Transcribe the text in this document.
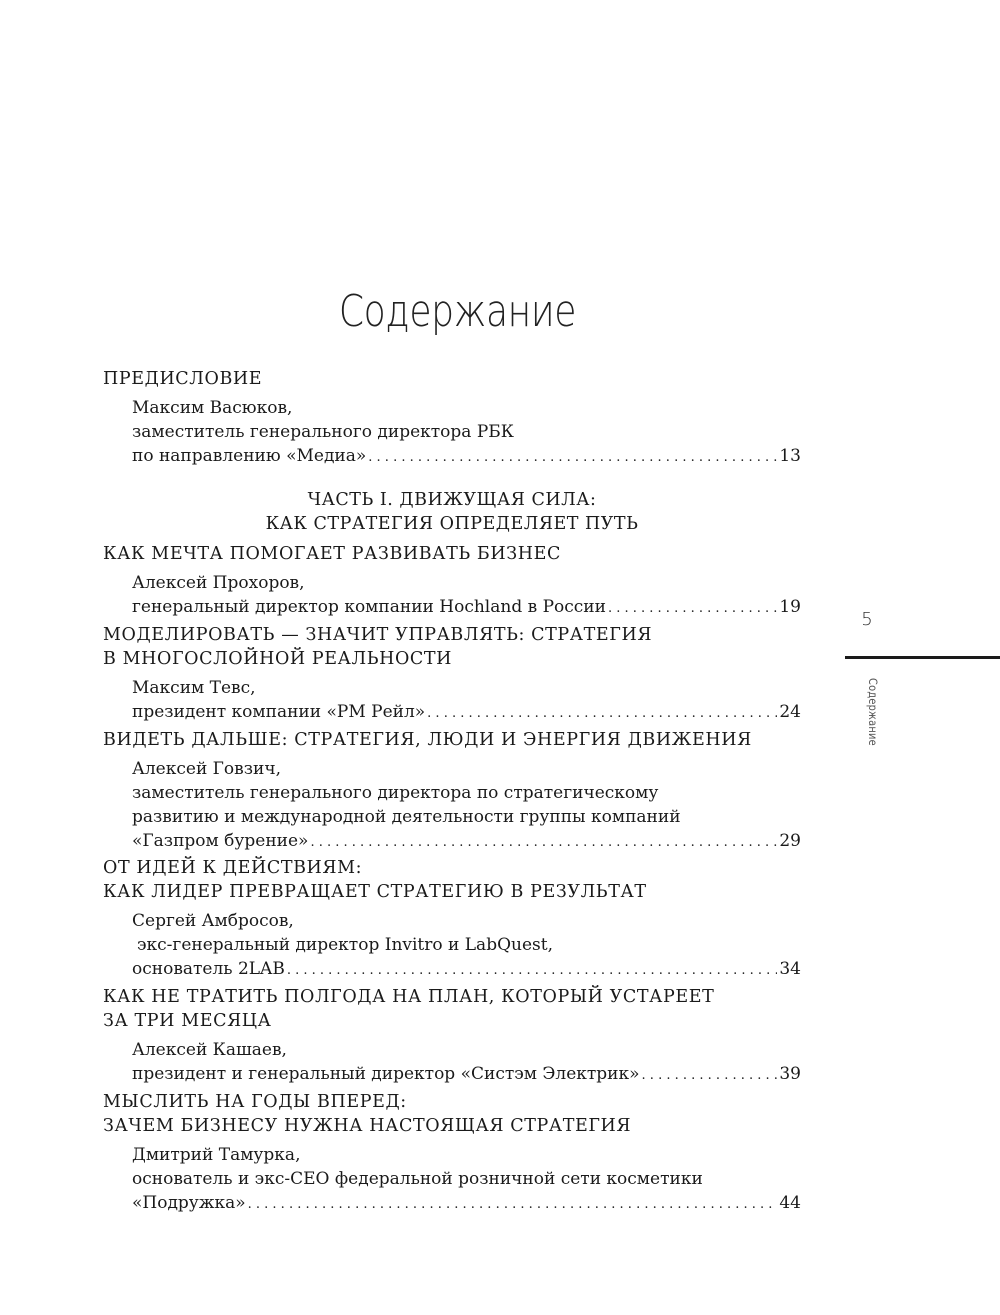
Содержание
ПРЕДИСЛОВИЕ
Максим Васюков,
заместитель генерального директора РБК
по направлению «Медиа» . . .	13
ЧАСТЬ I. ДВИЖУЩАЯ СИЛА:
КАК СТРАТЕГИЯ ОПРЕДЕЛЯЕТ ПУТЬ
КАК МЕЧТА ПОМОГАЕТ РАЗВИВАТЬ БИЗНЕС
Алексей Прохоров,
генеральный директор компании Hochland в России . . .	19
МОДЕЛИРОВАТЬ — ЗНАЧИТ УПРАВЛЯТЬ: СТРАТЕГИЯ
В МНОГОСЛОЙНОЙ РЕАЛЬНОСТИ
Максим Тевс,
президент компании «РМ Рейл» . . .	24
ВИДЕТЬ ДАЛЬШЕ: СТРАТЕГИЯ, ЛЮДИ И ЭНЕРГИЯ ДВИЖЕНИЯ
Алексей Говзич,
заместитель генерального директора по стратегическому
развитию и международной деятельности группы компаний
«Газпром бурение» . . .	29
ОТ ИДЕЙ К ДЕЙСТВИЯМ:
КАК ЛИДЕР ПРЕВРАЩАЕТ СТРАТЕГИЮ В РЕЗУЛЬТАТ
Сергей Амбросов,
экс-генеральный директор Invitro и LabQuest,
основатель 2LAB . . .	34
КАК НЕ ТРАТИТЬ ПОЛГОДА НА ПЛАН, КОТОРЫЙ УСТАРЕЕТ
ЗА ТРИ МЕСЯЦА
Алексей Кашаев,
президент и генеральный директор «Систэм Электрик» . . .	39
МЫСЛИТЬ НА ГОДЫ ВПЕРЕД:
ЗАЧЕМ БИЗНЕСУ НУЖНА НАСТОЯЩАЯ СТРАТЕГИЯ
Дмитрий Тамурка,
основатель и экс-CEO федеральной розничной сети косметики
«Подружка» . . .	44
5
Содержание
